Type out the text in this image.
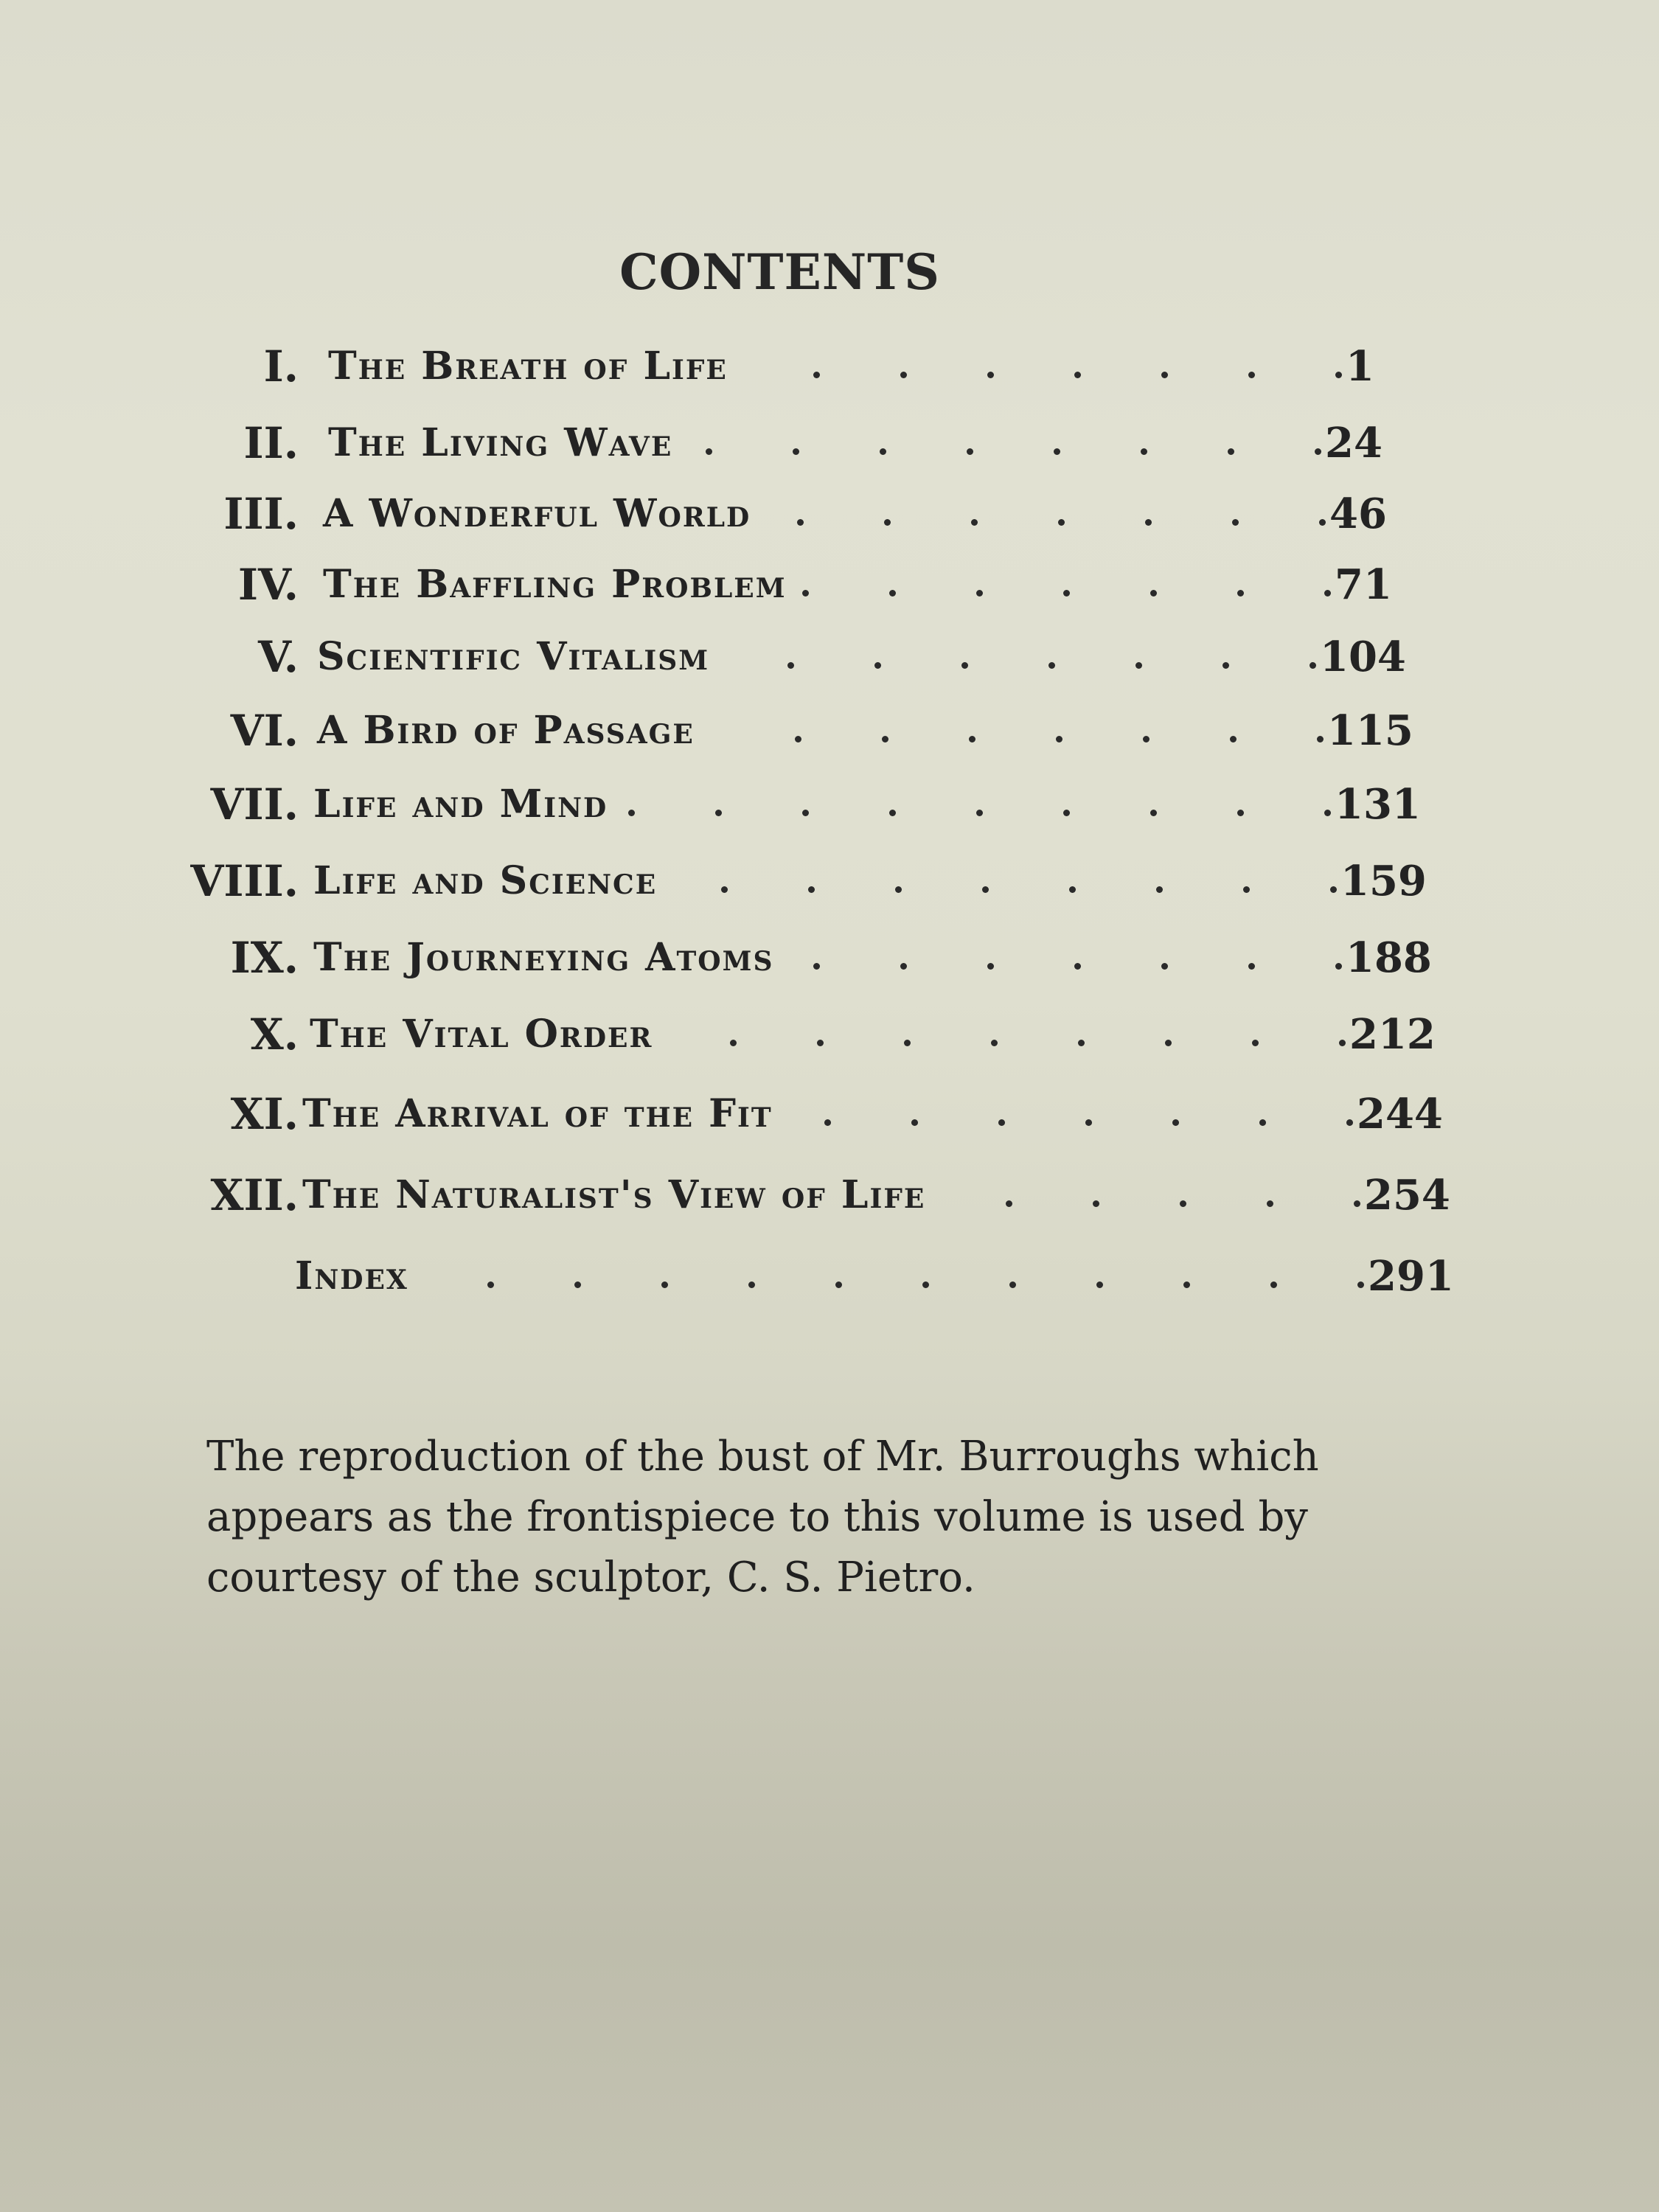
CONTENTS
I. The Breath of Life	1
II. The Living Wave	24
III. A Wonderful World	46
IV. The Baffling Problem	71
V. Scientific Vitalism	104
VI. A Bird of Passage	115
VII. Life and Mind	131
VIII. Life and Science	159
IX. The Journeying Atoms	188
X. The Vital Order	212
XI. The Arrival of the Fit	244
XII. The Naturalist's View of Life	254
Index	291
The reproduction of the bust of Mr. Burroughs which appears as the frontispiece to this volume is used by courtesy of the sculptor, C. S. Pietro.
